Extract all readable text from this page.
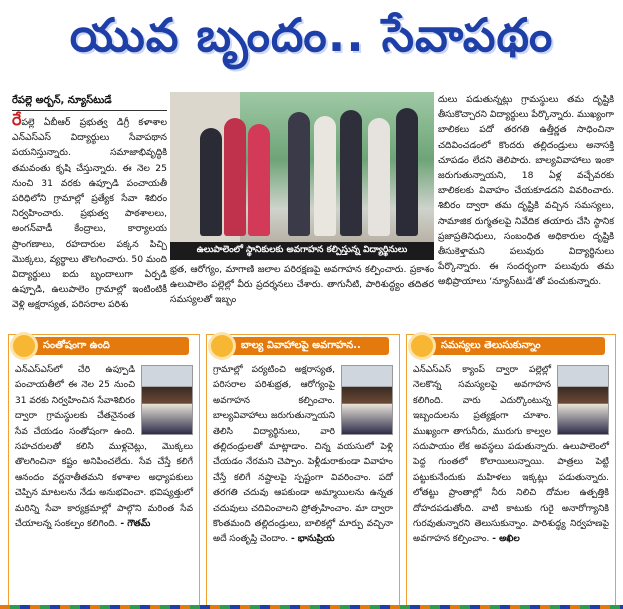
యువ బృందం.. సేవాపథం
రేపల్లె అర్బన్‌, న్యూస్‌టుడే
రేపల్లె ఏబీఆర్‌ ప్రభుత్వ డిగ్రీ కళాశాల ఎన్‌ఎస్‌ఎస్‌ విద్యార్థులు సేవాపథాన పయనిస్తున్నారు. సమాజాభివృద్ధికి తమవంతు కృషి చేస్తున్నారు. ఈ నెల 25 నుంచి 31 వరకు ఉప్పూడి పంచాయతీ పరిధిలోని గ్రామాల్లో ప్రత్యేక సేవా శిబిరం నిర్వహించారు. ప్రభుత్వ పాఠశాలలు, అంగన్‌వాడీ కేంద్రాలు, కార్యాలయ ప్రాంగణాలు, రహదారుల పక్కన పిచ్చి మొక్కలు, వ్యర్థాలు తొలగించారు. 50 మంది విద్యార్థులు ఐదు బృందాలుగా ఏర్పడి ఉప్పూడి, ఉలుపాలెం గ్రామాల్లో ఇంటింటికీ వెళ్లి అక్షరాస్యత, పరిసరాల పరిశు
ఉలుపాలెంలో స్థానికులకు అవగాహన కల్పిస్తున్న విద్యార్థినులు
భ్రత, ఆరోగ్యం, మాగాణి జలాల పరిరక్షణపై అవగాహన కల్పించారు. ప్రకాశం ఉలుపాలెం పల్లెల్లో వీరు ప్రదర్శనలు చేశారు. తాగునీటి, పారిశుద్ధ్యం తదితర సమస్యలతో ఇబ్బం
దులు పడుతున్నట్లు గ్రామస్థులు తమ దృష్టికి తీసుకొచ్చారని విద్యార్థులు పేర్కొన్నారు. ముఖ్యంగా బాలికలు పదో తరగతి ఉత్తీర్ణత సాధించినా చదివించడంలో కొందరు తల్లిదండ్రులు అనాసక్తి చూపడం లేదని తెలిపారు. బాల్యవివాహాలు ఇంకా జరుగుతున్నాయని, 18 ఏళ్ల వచ్చేవరకు బాలికలకు వివాహం చేయకూడదని వివరించారు. శిబిరం ద్వారా తమ దృష్టికి వచ్చిన సమస్యలు, సామాజిక రుగ్మతలపై నివేదిక తయారు చేసి స్థానిక ప్రజాప్రతినిధులు, సంబంధిత అధికారుల దృష్టికి తీసుకెళ్తామని పలువురు విద్యార్థినులు పేర్కొన్నారు. ఈ సందర్భంగా పలువురు తమ అభిప్రాయాలు ‘న్యూస్‌టుడే’తో పంచుకున్నారు.
సంతోషంగా ఉంది
ఎన్‌ఎస్‌ఎస్‌లో చేరి ఉప్పూడి పంచాయతీలో ఈ నెల 25 నుంచి 31 వరకు నిర్వహించిన సేవాశిబిరం ద్వారా గ్రామస్థులకు చేతనైనంత సేవ చేయడం సంతోషంగా ఉంది. సహచరులతో కలిసి ముళ్లచెట్లు, మొక్కలు తొలగించినా కష్టం అనిపించలేదు. సేవ చేస్తే కలిగే ఆనందం వర్ణనాతీతమని కళాశాల అధ్యాపకులు చెప్పిన మాటలను నేడు అనుభవించా. భవిష్యత్తులో మరిన్ని సేవా కార్యక్రమాల్లో పాల్గొని మరింత సేవ చేయాలన్న సంకల్పం కలిగింది. - గౌతమ్‌
బాల్య వివాహాలపై అవగాహన..
గ్రామాల్లో పర్యటించి అక్షరాస్యత, పరిసరాల పరిశుభ్రత, ఆరోగ్యంపై అవగాహన కల్పించాం. బాల్యవివాహాలు జరుగుతున్నాయని తెలిసి విద్యార్థినులు, వారి తల్లిదండ్రులతో మాట్లాడాం. చిన్న వయసులో పెళ్లి చేయడం నేరమని చెప్పాం. పెళ్లీడురాకుండా వివాహం చేస్తే కలిగే నష్టాలపై స్పష్టంగా వివరించాం. పదో తరగతి చదువు ఆపకుండా అమ్మాయిలను ఉన్నత చదువులు చదివించాలని ప్రోత్సహించాం. మా ద్వారా కొంతమంది తల్లిదండ్రులు, బాలికల్లో మార్పు వచ్చినా అదే సంతృప్తి చెందాం. - భానుప్రియ
సమస్యలు తెలుసుకున్నాం
ఎన్‌ఎస్‌ఎస్‌ క్యాంప్‌ ద్వారా పల్లెల్లో నెలకొన్న సమస్యలపై అవగాహన కలిగింది. వారు ఎదుర్కొంటున్న ఇబ్బందులను ప్రత్యక్షంగా చూశాం. ముఖ్యంగా తాగునీరు, మురుగు కాల్వల సదుపాయం లేక అవస్థలు పడుతున్నారు. ఉలుపాలెంలో పెద్ద గుంతలో కొలాయిలున్నాయి. పాత్రలు పెట్టి పట్టుకునేందుకు మహిళలు ఇక్కట్లు పడుతున్నారు. లోతట్టు ప్రాంతాల్లో నీరు నిలిచి దోమల ఉత్పత్తికి దోహదపడుతోంది. వాటి కాటుకు గురై అనారోగ్యానికి గురవుతున్నారని తెలుసుకున్నాం. పారిశుద్ధ్య నిర్వహణపై అవగాహన కల్పించాం. - అఖిల
